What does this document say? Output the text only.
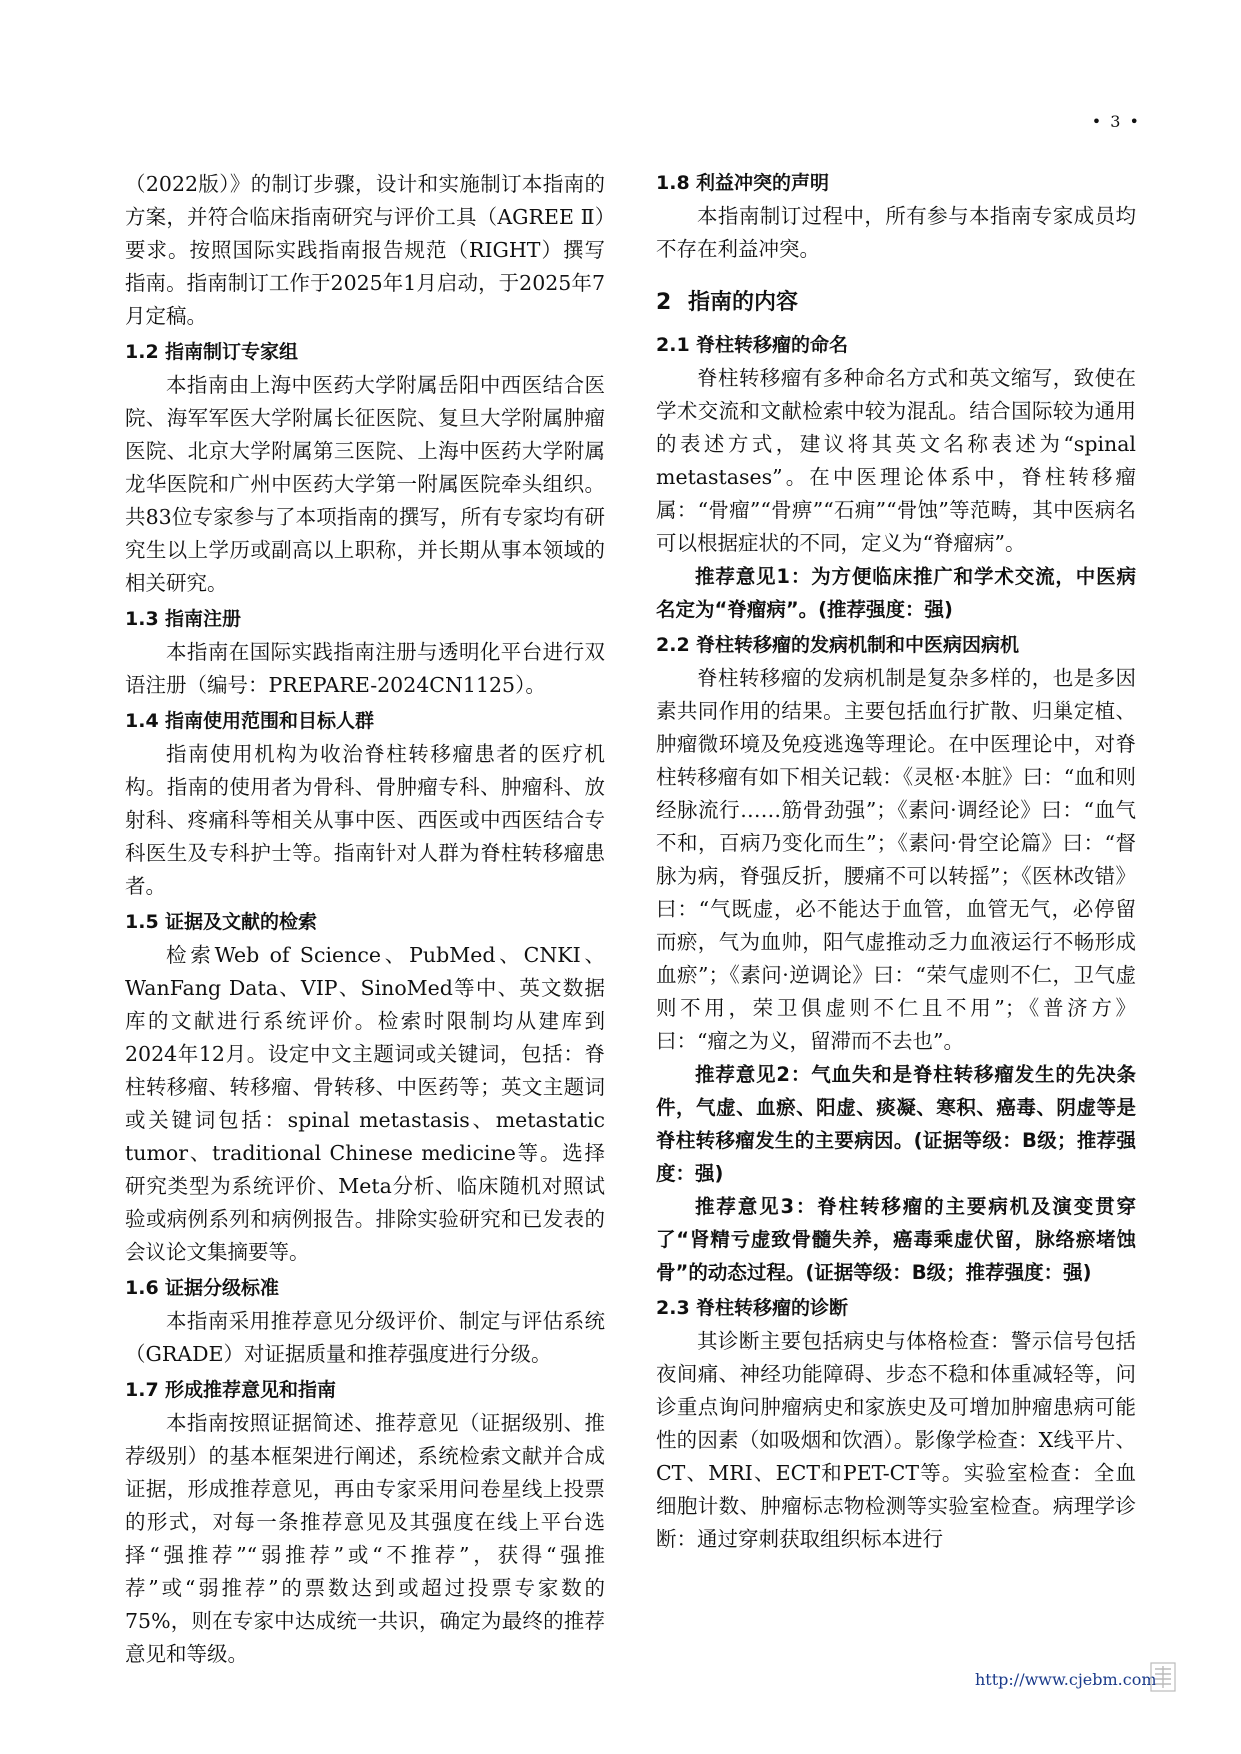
• 3 •

（2022版）》的制订步骤，设计和实施制订本指南的方案，并符合临床指南研究与评价工具（AGREE Ⅱ）要求。按照国际实践指南报告规范（RIGHT）撰写指南。指南制订工作于2025年1月启动，于2025年7月定稿。

1.2 指南制订专家组

本指南由上海中医药大学附属岳阳中西医结合医院、海军军医大学附属长征医院、复旦大学附属肿瘤医院、北京大学附属第三医院、上海中医药大学附属龙华医院和广州中医药大学第一附属医院牵头组织。共83位专家参与了本项指南的撰写，所有专家均有研究生以上学历或副高以上职称，并长期从事本领域的相关研究。

1.3 指南注册

本指南在国际实践指南注册与透明化平台进行双语注册（编号：PREPARE-2024CN1125）。

1.4 指南使用范围和目标人群

指南使用机构为收治脊柱转移瘤患者的医疗机构。指南的使用者为骨科、骨肿瘤专科、肿瘤科、放射科、疼痛科等相关从事中医、西医或中西医结合专科医生及专科护士等。指南针对人群为脊柱转移瘤患者。

1.5 证据及文献的检索

检索Web of Science、PubMed、CNKI、WanFang Data、VIP、SinoMed等中、英文数据库的文献进行系统评价。检索时限制均从建库到2024年12月。设定中文主题词或关键词，包括：脊柱转移瘤、转移瘤、骨转移、中医药等；英文主题词或关键词包括：spinal metastasis、metastatic tumor、traditional Chinese medicine等。选择研究类型为系统评价、Meta分析、临床随机对照试验或病例系列和病例报告。排除实验研究和已发表的会议论文集摘要等。

1.6 证据分级标准

本指南采用推荐意见分级评价、制定与评估系统（GRADE）对证据质量和推荐强度进行分级。

1.7 形成推荐意见和指南

本指南按照证据简述、推荐意见（证据级别、推荐级别）的基本框架进行阐述，系统检索文献并合成证据，形成推荐意见，再由专家采用问卷星线上投票的形式，对每一条推荐意见及其强度在线上平台选择“强推荐”“弱推荐”或“不推荐”，获得“强推荐”或“弱推荐”的票数达到或超过投票专家数的75%，则在专家中达成统一共识，确定为最终的推荐意见和等级。

1.8 利益冲突的声明

本指南制订过程中，所有参与本指南专家成员均不存在利益冲突。

2 指南的内容
2.1 脊柱转移瘤的命名

脊柱转移瘤有多种命名方式和英文缩写，致使在学术交流和文献检索中较为混乱。结合国际较为通用的表述方式，建议将其英文名称表述为“spinal metastases”。在中医理论体系中，脊柱转移瘤属：“骨瘤”“骨痹”“石痈”“骨蚀”等范畴，其中医病名可以根据症状的不同，定义为“脊瘤病”。

推荐意见1：为方便临床推广和学术交流，中医病名定为“脊瘤病”。(推荐强度：强)

2.2 脊柱转移瘤的发病机制和中医病因病机

脊柱转移瘤的发病机制是复杂多样的，也是多因素共同作用的结果。主要包括血行扩散、归巢定植、肿瘤微环境及免疫逃逸等理论。在中医理论中，对脊柱转移瘤有如下相关记载：《灵枢·本脏》曰：“血和则经脉流行……筋骨劲强”；《素问·调经论》曰：“血气不和，百病乃变化而生”；《素问·骨空论篇》曰：“督脉为病，脊强反折，腰痛不可以转摇”；《医林改错》曰：“气既虚，必不能达于血管，血管无气，必停留而瘀，气为血帅，阳气虚推动乏力血液运行不畅形成血瘀”；《素问·逆调论》曰：“荣气虚则不仁，卫气虚则不用，荣卫俱虚则不仁且不用”；《普济方》曰：“瘤之为义，留滞而不去也”。

推荐意见2：气血失和是脊柱转移瘤发生的先决条件，气虚、血瘀、阳虚、痰凝、寒积、癌毒、阴虚等是脊柱转移瘤发生的主要病因。(证据等级：B级；推荐强度：强)

推荐意见3：脊柱转移瘤的主要病机及演变贯穿了“肾精亏虚致骨髓失养，癌毒乘虚伏留，脉络瘀堵蚀骨”的动态过程。(证据等级：B级；推荐强度：强)

2.3 脊柱转移瘤的诊断

其诊断主要包括病史与体格检查：警示信号包括夜间痛、神经功能障碍、步态不稳和体重减轻等，问诊重点询问肿瘤病史和家族史及可增加肿瘤患病可能性的因素（如吸烟和饮酒）。影像学检查：X线平片、CT、MRI、ECT和PET-CT等。实验室检查：全血细胞计数、肿瘤标志物检测等实验室检查。病理学诊断：通过穿刺获取组织标本进行

http://www.cjebm.com
